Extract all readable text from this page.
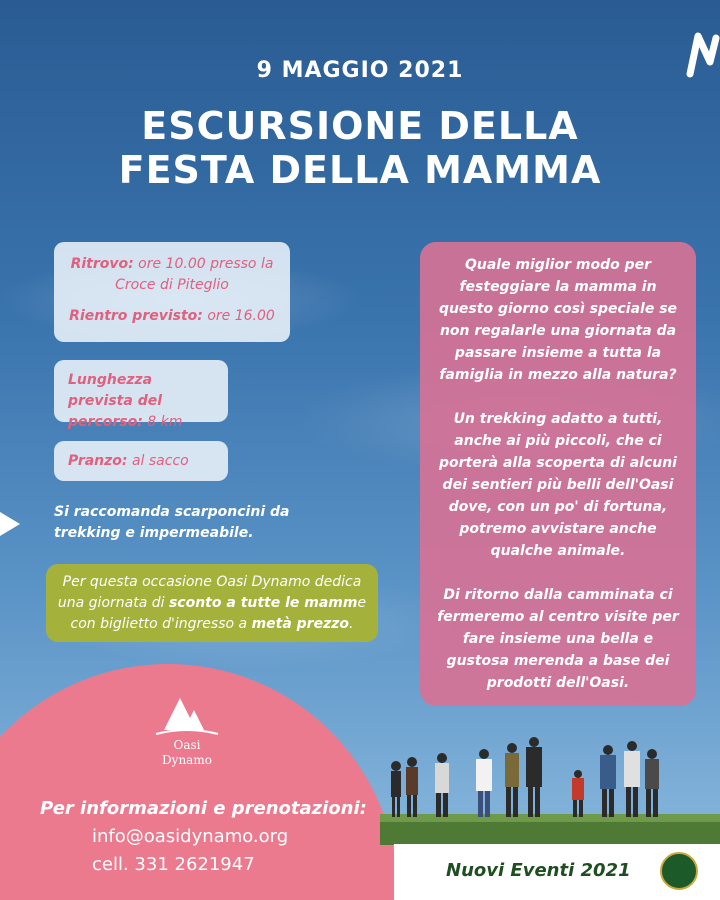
9 MAGGIO 2021
ESCURSIONE DELLA
FESTA DELLA MAMMA
Ritrovo: ore 10.00 presso la Croce di Piteglio
Rientro previsto: ore 16.00
Lunghezza prevista del percorso: 8 km
Pranzo: al sacco
Si raccomanda scarponcini da trekking e impermeabile.
Per questa occasione Oasi Dynamo dedica una giornata di sconto a tutte le mamme con biglietto d'ingresso a metà prezzo.

Quale miglior modo per festeggiare la mamma in questo giorno così speciale se non regalarle una giornata da passare insieme a tutta la famiglia in mezzo alla natura?

Un trekking adatto a tutti, anche ai più piccoli, che ci porterà alla scoperta di alcuni dei sentieri più belli dell'Oasi dove, con un po' di fortuna, potremo avvistare anche qualche animale.

Di ritorno dalla camminata ci fermeremo al centro visite per fare insieme una bella e gustosa merenda a base dei prodotti dell'Oasi.

Oasi
Dynamo
Per informazioni e prenotazioni:
info@oasidynamo.org
cell. 331 2621947	Nuovi Eventi 2021
